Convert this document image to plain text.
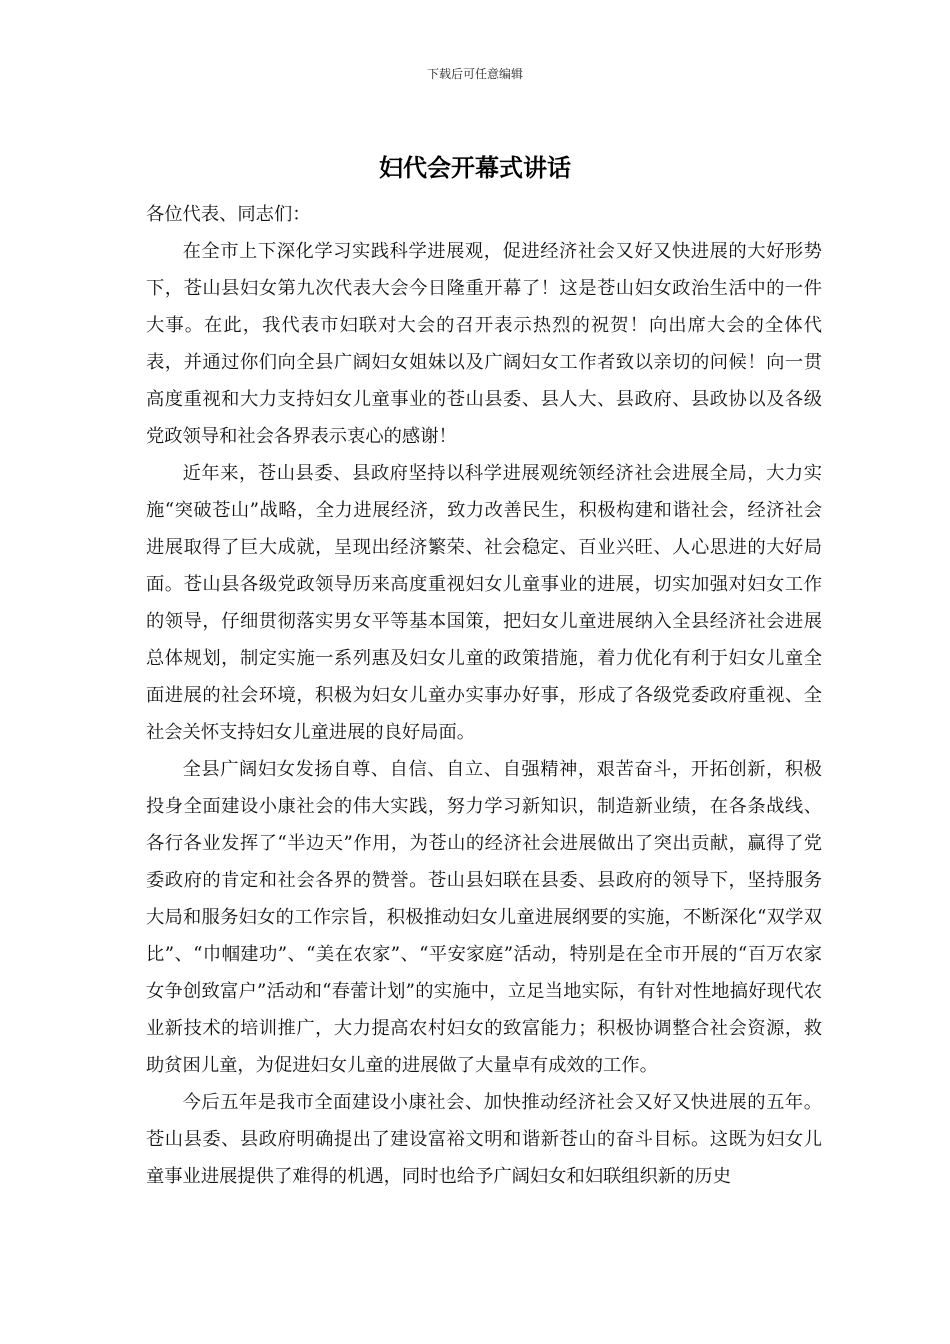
下载后可任意编辑
妇代会开幕式讲话

各位代表、同志们：

在全市上下深化学习实践科学进展观，促进经济社会又好又快进展的大好形势下，苍山县妇女第九次代表大会今日隆重开幕了！这是苍山妇女政治生活中的一件大事。在此，我代表市妇联对大会的召开表示热烈的祝贺！向出席大会的全体代表，并通过你们向全县广阔妇女姐妹以及广阔妇女工作者致以亲切的问候！向一贯高度重视和大力支持妇女儿童事业的苍山县委、县人大、县政府、县政协以及各级党政领导和社会各界表示衷心的感谢！

近年来，苍山县委、县政府坚持以科学进展观统领经济社会进展全局，大力实施“突破苍山”战略，全力进展经济，致力改善民生，积极构建和谐社会，经济社会进展取得了巨大成就，呈现出经济繁荣、社会稳定、百业兴旺、人心思进的大好局面。苍山县各级党政领导历来高度重视妇女儿童事业的进展，切实加强对妇女工作的领导，仔细贯彻落实男女平等基本国策，把妇女儿童进展纳入全县经济社会进展总体规划，制定实施一系列惠及妇女儿童的政策措施，着力优化有利于妇女儿童全面进展的社会环境，积极为妇女儿童办实事办好事，形成了各级党委政府重视、全社会关怀支持妇女儿童进展的良好局面。

全县广阔妇女发扬自尊、自信、自立、自强精神，艰苦奋斗，开拓创新，积极投身全面建设小康社会的伟大实践，努力学习新知识，制造新业绩，在各条战线、各行各业发挥了“半边天”作用，为苍山的经济社会进展做出了突出贡献，赢得了党委政府的肯定和社会各界的赞誉。苍山县妇联在县委、县政府的领导下，坚持服务大局和服务妇女的工作宗旨，积极推动妇女儿童进展纲要的实施，不断深化“双学双比”、“巾帼建功”、“美在农家”、“平安家庭”活动，特别是在全市开展的“百万农家女争创致富户”活动和“春蕾计划”的实施中，立足当地实际，有针对性地搞好现代农业新技术的培训推广，大力提高农村妇女的致富能力；积极协调整合社会资源，救助贫困儿童，为促进妇女儿童的进展做了大量卓有成效的工作。

今后五年是我市全面建设小康社会、加快推动经济社会又好又快进展的五年。苍山县委、县政府明确提出了建设富裕文明和谐新苍山的奋斗目标。这既为妇女儿童事业进展提供了难得的机遇，同时也给予广阔妇女和妇联组织新的历史
